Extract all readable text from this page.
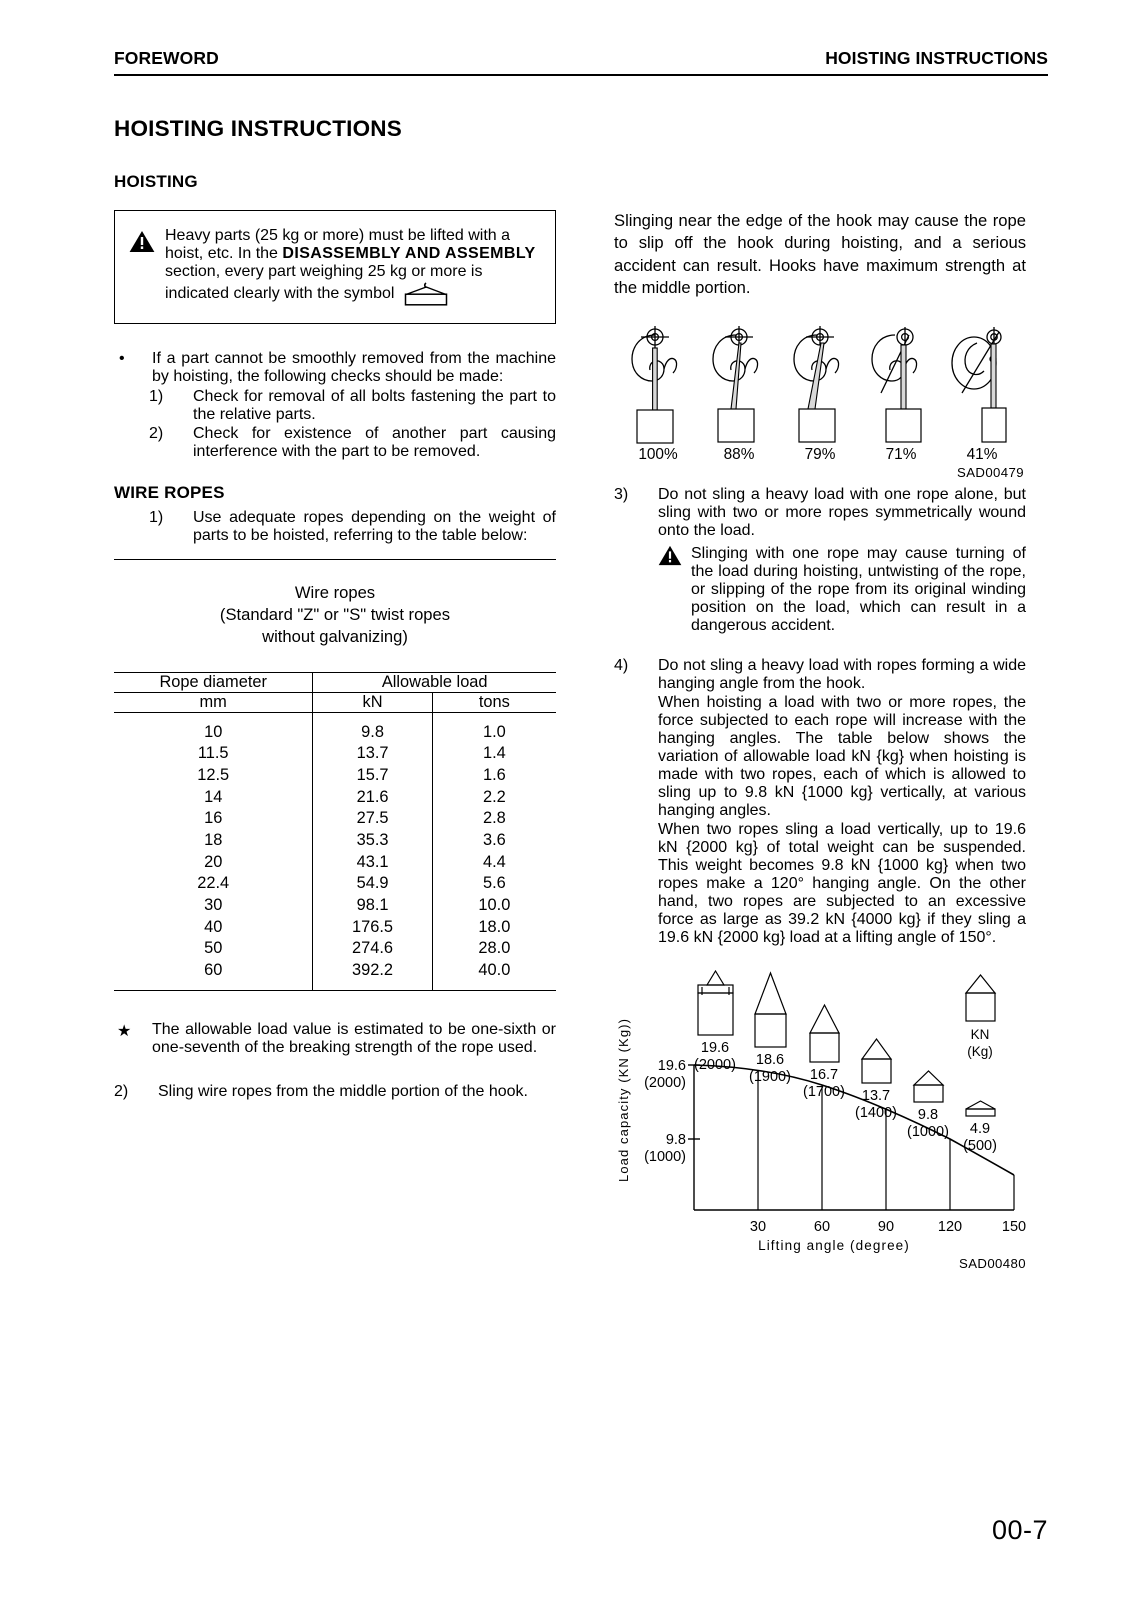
FOREWORD	HOISTING INSTRUCTIONS
HOISTING INSTRUCTIONS
HOISTING
Heavy parts (25 kg or more) must be lifted with a hoist, etc. In the DISASSEMBLY AND ASSEMBLY section, every part weighing 25 kg or more is indicated clearly with the symbol
•	If a part cannot be smoothly removed from the machine by hoisting, the following checks should be made:
1)	Check for removal of all bolts fastening the part to the relative parts.
2)	Check for existence of another part causing interference with the part to be removed.
WIRE ROPES
1)	Use adequate ropes depending on the weight of parts to be hoisted, referring to the table below:
Wire ropes
(Standard "Z" or "S" twist ropes
without galvanizing)
Rope diameter	Allowable load	
mm	kN	tons

10	9.8	1.0
11.5	13.7	1.4
12.5	15.7	1.6
14	21.6	2.2
16	27.5	2.8
18	35.3	3.6
20	43.1	4.4
22.4	54.9	5.6
30	98.1	10.0
40	176.5	18.0
50	274.6	28.0
60	392.2	40.0

★	The allowable load value is estimated to be one-sixth or one-seventh of the breaking strength of the rope used.
2)	Sling wire ropes from the middle portion of the hook.

Slinging near the edge of the hook may cause the rope to slip off the hook during hoisting, and a serious accident can result. Hooks have maximum strength at the middle portion.

100%	88%	79%	71%	41%
SAD00479
3)	Do not sling a heavy load with one rope alone, but sling with two or more ropes symmetrically wound onto the load.
Slinging with one rope may cause turning of the load during hoisting, untwisting of the rope, or slipping of the rope from its original winding position on the load, which can result in a dangerous accident.
4)	Do not sling a heavy load with ropes forming a wide hanging angle from the hook.
When hoisting a load with two or more ropes, the force subjected to each rope will increase with the hanging angles. The table below shows the variation of allowable load kN {kg} when hoisting is made with two ropes, each of which is allowed to sling up to 9.8 kN {1000 kg} vertically, at various hanging angles.
When two ropes sling a load vertically, up to 19.6 kN {2000 kg} of total weight can be suspended. This weight becomes 9.8 kN {1000 kg} when two ropes make a 120° hanging angle. On the other hand, two ropes are subjected to an excessive force as large as 39.2 kN {4000 kg} if they sling a 19.6 kN {2000 kg} load at a lifting angle of 150°.
Load capacity (KN (Kg))	19.6
(2000) 18.6
(1900) 16.7
(1700) 13.7
(1400) 9.8
(1000) 4.9
(500)
KN
(Kg)
19.6
(2000)
9.8
(1000)
30	60	90	120	150
Lifting angle (degree)
SAD00480
00-7
